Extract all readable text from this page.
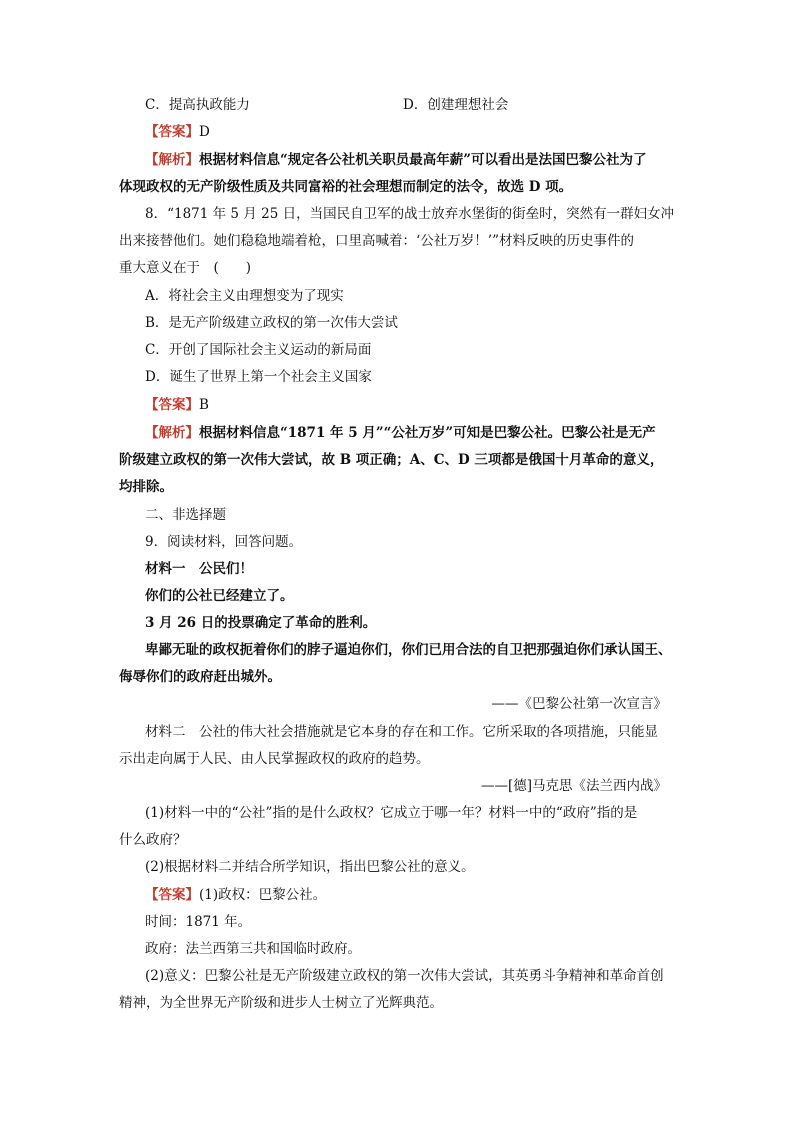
C．提高执政能力	D．创建理想社会
【答案】D
【解析】根据材料信息“规定各公社机关职员最高年薪”可以看出是法国巴黎公社为了
体现政权的无产阶级性质及共同富裕的社会理想而制定的法令，故选 D 项。
8．“1871 年 5 月 25 日，当国民自卫军的战士放弃水堡街的街垒时，突然有一群妇女冲
出来接替他们。她们稳稳地端着枪，口里高喊着：‘公社万岁！’”材料反映的历史事件的
重大意义在于　(　　)
A．将社会主义由理想变为了现实
B．是无产阶级建立政权的第一次伟大尝试
C．开创了国际社会主义运动的新局面
D．诞生了世界上第一个社会主义国家
【答案】B
【解析】根据材料信息“1871 年 5 月”“公社万岁”可知是巴黎公社。巴黎公社是无产
阶级建立政权的第一次伟大尝试，故 B 项正确；A、C、D 三项都是俄国十月革命的意义，
均排除。
二、非选择题
9．阅读材料，回答问题。
材料一　公民们！
你们的公社已经建立了。
3 月 26 日的投票确定了革命的胜利。
卑鄙无耻的政权扼着你们的脖子逼迫你们，你们已用合法的自卫把那强迫你们承认国王、
侮辱你们的政府赶出城外。
——《巴黎公社第一次宣言》
材料二　公社的伟大社会措施就是它本身的存在和工作。它所采取的各项措施，只能显
示出走向属于人民、由人民掌握政权的政府的趋势。
——[德]马克思《法兰西内战》
(1)材料一中的“公社”指的是什么政权？它成立于哪一年？材料一中的“政府”指的是
什么政府？
(2)根据材料二并结合所学知识，指出巴黎公社的意义。
【答案】(1)政权：巴黎公社。
时间：1871 年。
政府：法兰西第三共和国临时政府。
(2)意义：巴黎公社是无产阶级建立政权的第一次伟大尝试，其英勇斗争精神和革命首创
精神，为全世界无产阶级和进步人士树立了光辉典范。
